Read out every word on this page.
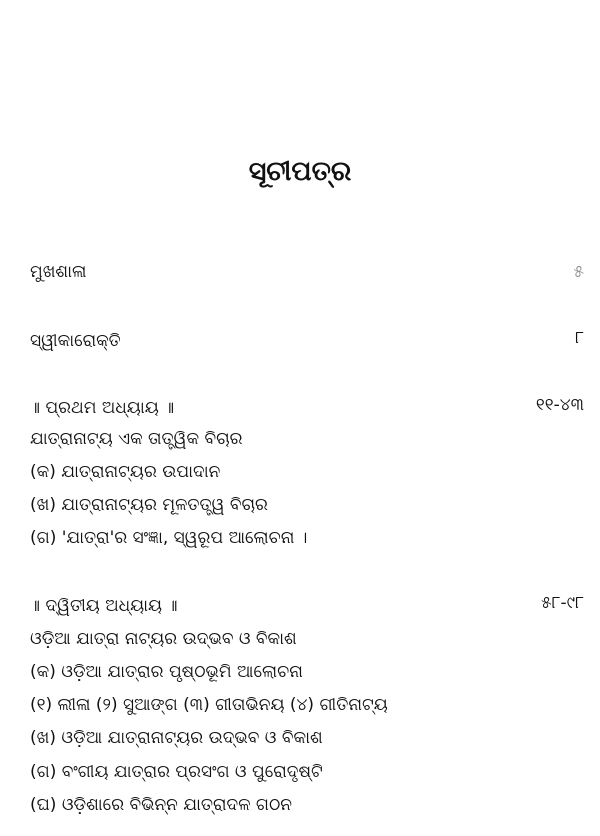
ସୂଚୀପତ୍ର
ମୁଖଶାଳା	୫
ସ୍ୱୀକାରୋକ୍ତି	୮
॥ ପ୍ରଥମ ଅଧ୍ୟାୟ ॥	୧୧-୪୩
ଯାତ୍ରାନାଟ୍ୟ ଏକ ତାତ୍ତ୍ୱିକ ବିଚାର
(କ) ଯାତ୍ରାନାଟ୍ୟର ଉପାଦାନ
(ଖ) ଯାତ୍ରାନାଟ୍ୟର ମୂଳତତ୍ତ୍ୱ ବିଚାର
(ଗ) 'ଯାତ୍ରା'ର ସଂଜ୍ଞା, ସ୍ୱରୂପ ଆଲୋଚନା ।
॥ ଦ୍ୱିତୀୟ ଅଧ୍ୟାୟ ॥	୫୮-୯୮
ଓଡ଼ିଆ ଯାତ୍ରା ନାଟ୍ୟର ଉଦ୍‌ଭବ ଓ ବିକାଶ
(କ) ଓଡ଼ିଆ ଯାତ୍ରାର ପୃଷ୍ଠଭୂମି ଆଲୋଚନା
(୧) ଲୀଳା (୨) ସୁଆଙ୍ଗ (୩) ଗୀତାଭିନୟ (୪) ଗୀତିନାଟ୍ୟ
(ଖ) ଓଡ଼ିଆ ଯାତ୍ରାନାଟ୍ୟର ଉଦ୍‌ଭବ ଓ ବିକାଶ
(ଗ) ବଂଗୀୟ ଯାତ୍ରାର ପ୍ରସଂଗ ଓ ପୁରୋଦୃଷ୍ଟି
(ଘ) ଓଡ଼ିଶାରେ ବିଭିନ୍ନ ଯାତ୍ରାଦଳ ଗଠନ
